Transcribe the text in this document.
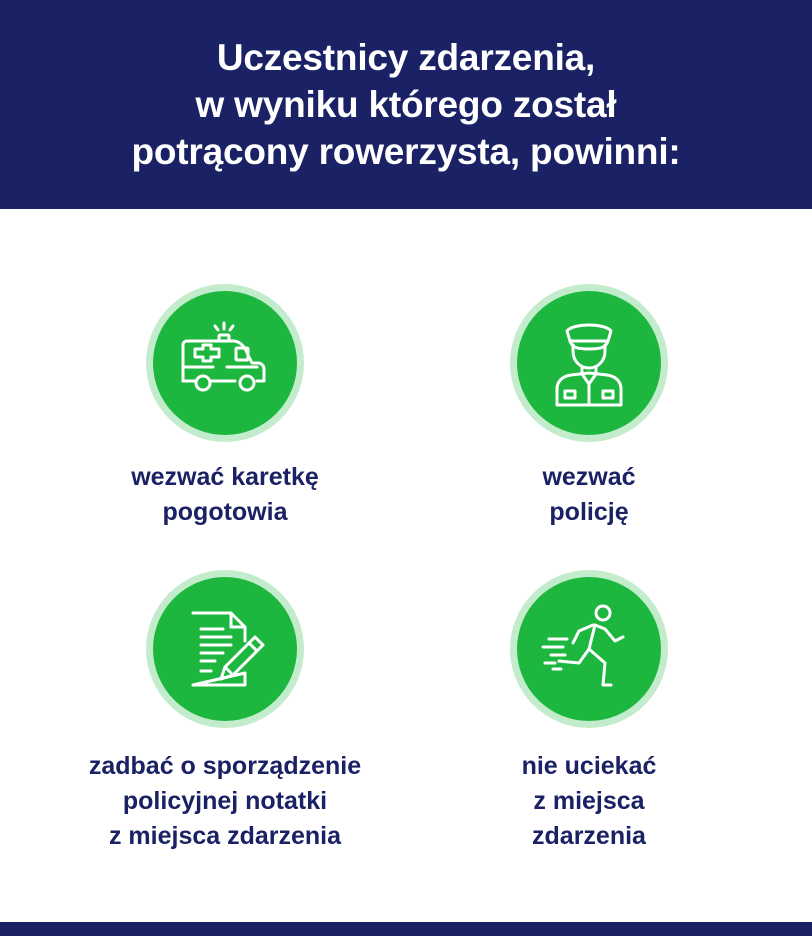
Uczestnicy zdarzenia,
w wyniku którego został
potrącony rowerzysta, powinni:
wezwać karetkę
pogotowia
wezwać
policję
zadbać o sporządzenie
policyjnej notatki
z miejsca zdarzenia
nie uciekać
z miejsca
zdarzenia
